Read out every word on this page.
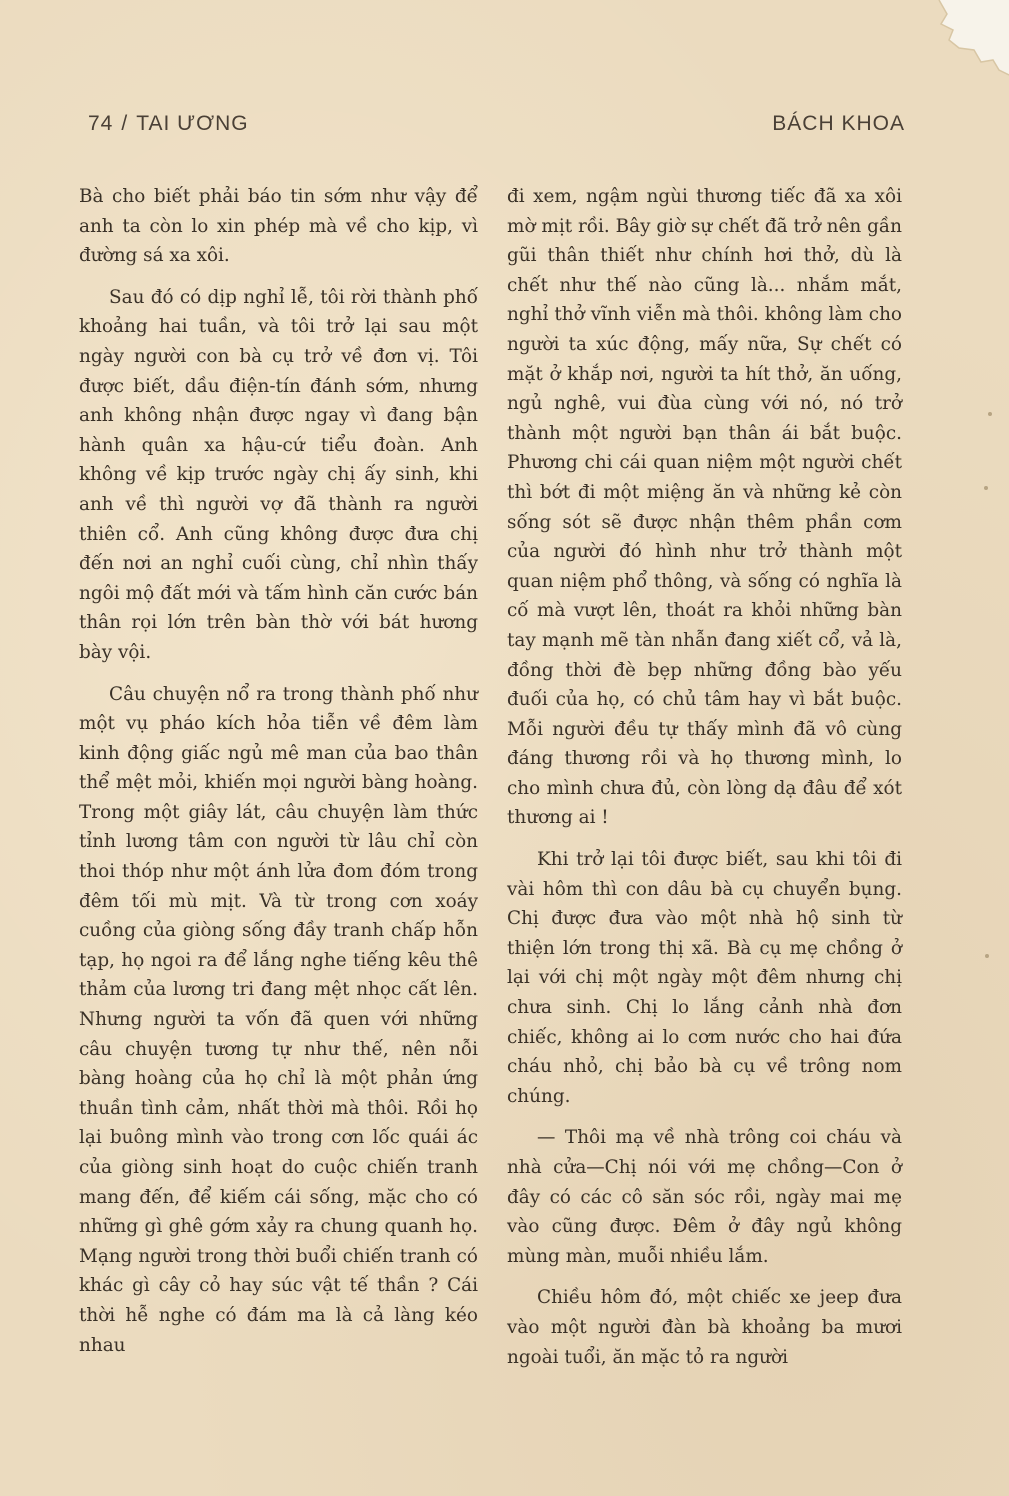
74 / TAI ƯƠNG	BÁCH KHOA

Bà cho biết phải báo tin sớm như vậy để anh ta còn lo xin phép mà về cho kịp, vì đường sá xa xôi.

Sau đó có dịp nghỉ lễ, tôi rời thành phố khoảng hai tuần, và tôi trở lại sau một ngày người con bà cụ trở về đơn vị. Tôi được biết, dầu điện-tín đánh sớm, nhưng anh không nhận được ngay vì đang bận hành quân xa hậu-cứ tiểu đoàn. Anh không về kịp trước ngày chị ấy sinh, khi anh về thì người vợ đã thành ra người thiên cổ. Anh cũng không được đưa chị đến nơi an nghỉ cuối cùng, chỉ nhìn thấy ngôi mộ đất mới và tấm hình căn cước bán thân rọi lớn trên bàn thờ với bát hương bày vội.

Câu chuyện nổ ra trong thành phố như một vụ pháo kích hỏa tiễn về đêm làm kinh động giấc ngủ mê man của bao thân thể mệt mỏi, khiến mọi người bàng hoàng. Trong một giây lát, câu chuyện làm thức tỉnh lương tâm con người từ lâu chỉ còn thoi thóp như một ánh lửa đom đóm trong đêm tối mù mịt. Và từ trong cơn xoáy cuồng của giòng sống đầy tranh chấp hỗn tạp, họ ngoi ra để lắng nghe tiếng kêu thê thảm của lương tri đang mệt nhọc cất lên. Nhưng người ta vốn đã quen với những câu chuyện tương tự như thế, nên nỗi bàng hoàng của họ chỉ là một phản ứng thuần tình cảm, nhất thời mà thôi. Rồi họ lại buông mình vào trong cơn lốc quái ác của giòng sinh hoạt do cuộc chiến tranh mang đến, để kiếm cái sống, mặc cho có những gì ghê gớm xảy ra chung quanh họ. Mạng người trong thời buổi chiến tranh có khác gì cây cỏ hay súc vật tế thần ? Cái thời hễ nghe có đám ma là cả làng kéo nhau

đi xem, ngậm ngùi thương tiếc đã xa xôi mờ mịt rồi. Bây giờ sự chết đã trở nên gần gũi thân thiết như chính hơi thở, dù là chết như thế nào cũng là... nhắm mắt, nghỉ thở vĩnh viễn mà thôi. không làm cho người ta xúc động, mấy nữa, Sự chết có mặt ở khắp nơi, người ta hít thở, ăn uống, ngủ nghê, vui đùa cùng với nó, nó trở thành một người bạn thân ái bắt buộc. Phương chi cái quan niệm một người chết thì bớt đi một miệng ăn và những kẻ còn sống sót sẽ được nhận thêm phần cơm của người đó hình như trở thành một quan niệm phổ thông, và sống có nghĩa là cố mà vượt lên, thoát ra khỏi những bàn tay mạnh mẽ tàn nhẫn đang xiết cổ, vả là, đồng thời đè bẹp những đồng bào yếu đuối của họ, có chủ tâm hay vì bắt buộc. Mỗi người đều tự thấy mình đã vô cùng đáng thương rồi và họ thương mình, lo cho mình chưa đủ, còn lòng dạ đâu để xót thương ai !

Khi trở lại tôi được biết, sau khi tôi đi vài hôm thì con dâu bà cụ chuyển bụng. Chị được đưa vào một nhà hộ sinh từ thiện lớn trong thị xã. Bà cụ mẹ chồng ở lại với chị một ngày một đêm nhưng chị chưa sinh. Chị lo lắng cảnh nhà đơn chiếc, không ai lo cơm nước cho hai đứa cháu nhỏ, chị bảo bà cụ về trông nom chúng.

— Thôi mạ về nhà trông coi cháu và nhà cửa—Chị nói với mẹ chồng—Con ở đây có các cô săn sóc rồi, ngày mai mẹ vào cũng được. Đêm ở đây ngủ không mùng màn, muỗi nhiều lắm.

Chiều hôm đó, một chiếc xe jeep đưa vào một người đàn bà khoảng ba mươi ngoài tuổi, ăn mặc tỏ ra người
